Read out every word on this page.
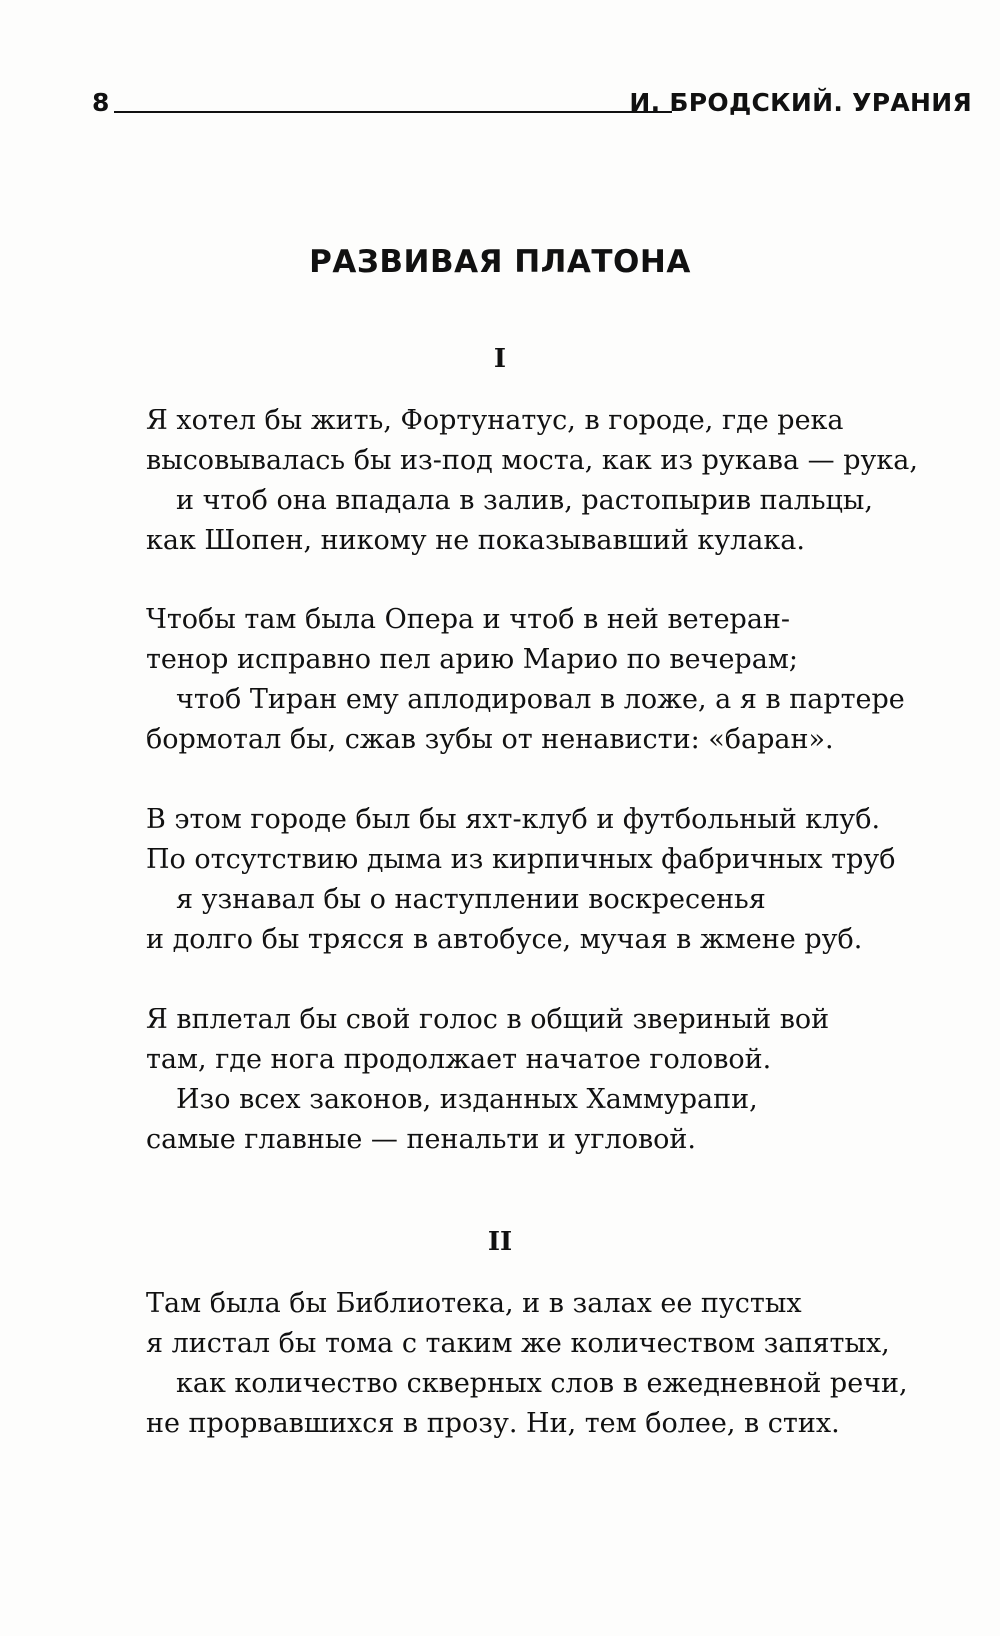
8	И. БРОДСКИЙ. УРАНИЯ
РАЗВИВАЯ ПЛАТОНА
I
Я хотел бы жить, Фортунатус, в городе, где река
высовывалась бы из-под моста, как из рукава — рука,
и чтоб она впадала в залив, растопырив пальцы,
как Шопен, никому не показывавший кулака.
Чтобы там была Опера и чтоб в ней ветеран-
тенор исправно пел арию Марио по вечерам;
чтоб Тиран ему аплодировал в ложе, а я в партере
бормотал бы, сжав зубы от ненависти: «баран».
В этом городе был бы яхт-клуб и футбольный клуб.
По отсутствию дыма из кирпичных фабричных труб
я узнавал бы о наступлении воскресенья
и долго бы трясся в автобусе, мучая в жмене руб.
Я вплетал бы свой голос в общий звериный вой
там, где нога продолжает начатое головой.
Изо всех законов, изданных Хаммурапи,
самые главные — пенальти и угловой.
II
Там была бы Библиотека, и в залах ее пустых
я листал бы тома с таким же количеством запятых,
как количество скверных слов в ежедневной речи,
не прорвавшихся в прозу. Ни, тем более, в стих.
